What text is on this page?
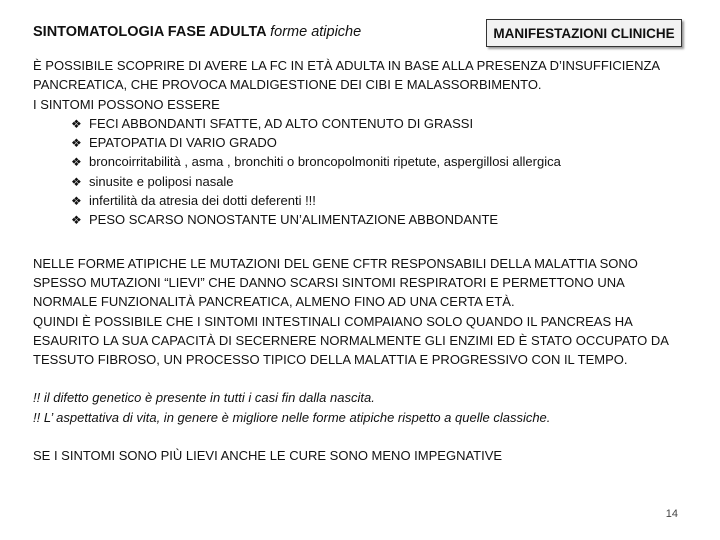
SINTOMATOLOGIA FASE ADULTA forme atipiche	MANIFESTAZIONI CLINICHE

È POSSIBILE SCOPRIRE DI AVERE LA FC IN ETÀ ADULTA IN BASE ALLA PRESENZA D’INSUFFICIENZA

PANCREATICA, CHE PROVOCA MALDIGESTIONE DEI CIBI E MALASSORBIMENTO.

I SINTOMI POSSONO ESSERE

❖ FECI ABBONDANTI SFATTE, AD ALTO CONTENUTO DI GRASSI
❖ EPATOPATIA DI VARIO GRADO
❖ broncoirritabilità , asma , bronchiti o broncopolmoniti ripetute, aspergillosi allergica
❖ sinusite e poliposi nasale
❖ infertilità da atresia dei dotti deferenti !!!
❖ PESO SCARSO NONOSTANTE UN’ALIMENTAZIONE ABBONDANTE

NELLE FORME ATIPICHE LE MUTAZIONI DEL GENE CFTR RESPONSABILI DELLA MALATTIA SONO

SPESSO MUTAZIONI “LIEVI” CHE DANNO SCARSI SINTOMI RESPIRATORI E PERMETTONO UNA

NORMALE FUNZIONALITÀ PANCREATICA, ALMENO FINO AD UNA CERTA ETÀ.

QUINDI È POSSIBILE CHE I SINTOMI INTESTINALI COMPAIANO SOLO QUANDO IL PANCREAS HA

ESAURITO LA SUA CAPACITÀ DI SECERNERE NORMALMENTE GLI ENZIMI ED È STATO OCCUPATO DA

TESSUTO FIBROSO, UN PROCESSO TIPICO DELLA MALATTIA E PROGRESSIVO CON IL TEMPO.

!! il difetto genetico è presente in tutti i casi fin dalla nascita.

!! L’ aspettativa di vita, in genere è migliore nelle forme atipiche rispetto a quelle classiche.

SE I SINTOMI SONO PIÙ LIEVI ANCHE LE CURE SONO MENO IMPEGNATIVE

14
